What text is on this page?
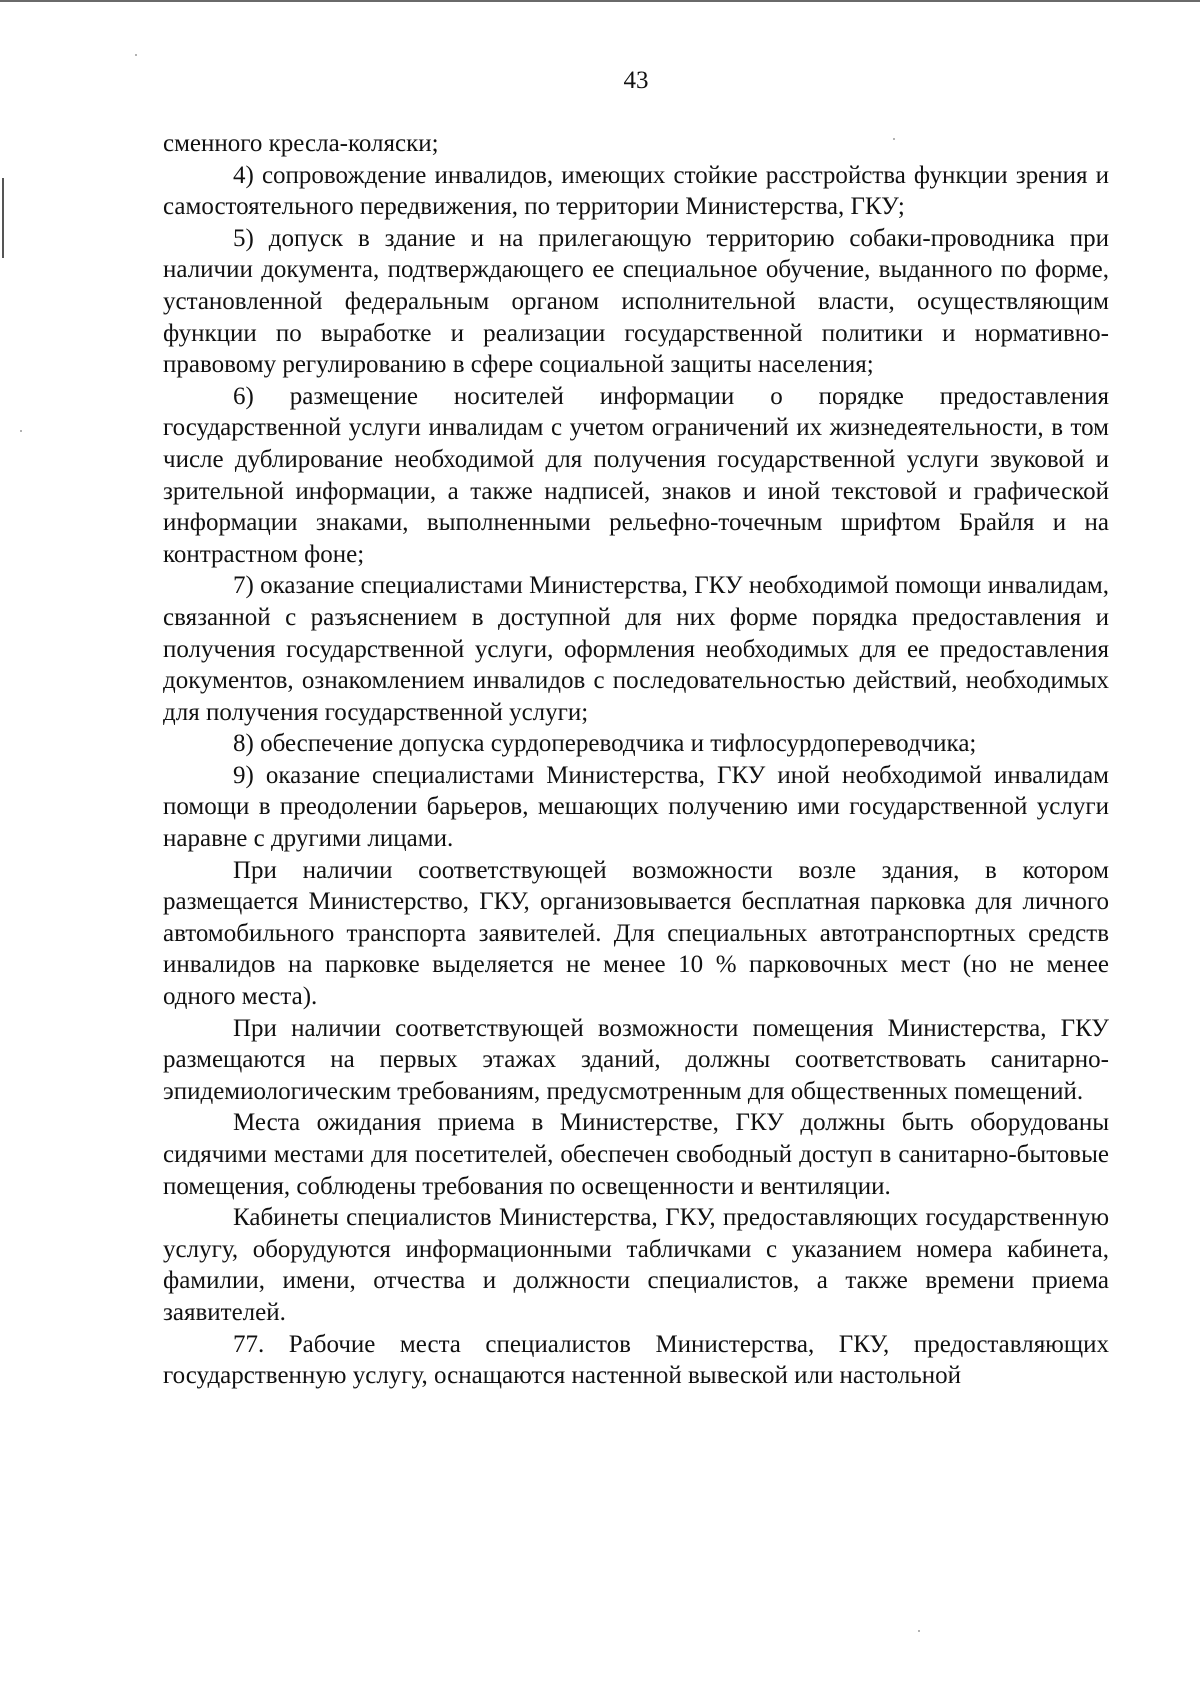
43

сменного кресла-коляски;

4) сопровождение инвалидов, имеющих стойкие расстройства функции зрения и самостоятельного передвижения, по территории Министерства, ГКУ;

5) допуск в здание и на прилегающую территорию собаки-проводника при наличии документа, подтверждающего ее специальное обучение, выданного по форме, установленной федеральным органом исполнительной власти, осуществляющим функции по выработке и реализации государственной политики и нормативно-правовому регулированию в сфере социальной защиты населения;

6) размещение носителей информации о порядке предоставления государственной услуги инвалидам с учетом ограничений их жизнедеятельности, в том числе дублирование необходимой для получения государственной услуги звуковой и зрительной информации, а также надписей, знаков и иной текстовой и графической информации знаками, выполненными рельефно-точечным шрифтом Брайля и на контрастном фоне;

7) оказание специалистами Министерства, ГКУ необходимой помощи инвалидам, связанной с разъяснением в доступной для них форме порядка предоставления и получения государственной услуги, оформления необходимых для ее предоставления документов, ознакомлением инвалидов с последовательностью действий, необходимых для получения государственной услуги;

8) обеспечение допуска сурдопереводчика и тифлосурдопереводчика;

9) оказание специалистами Министерства, ГКУ иной необходимой инвалидам помощи в преодолении барьеров, мешающих получению ими государственной услуги наравне с другими лицами.

При наличии соответствующей возможности возле здания, в котором размещается Министерство, ГКУ, организовывается бесплатная парковка для личного автомобильного транспорта заявителей. Для специальных автотранспортных средств инвалидов на парковке выделяется не менее 10 % парковочных мест (но не менее одного места).

При наличии соответствующей возможности помещения Министерства, ГКУ размещаются на первых этажах зданий, должны соответствовать санитарно-эпидемиологическим требованиям, предусмотренным для общественных помещений.

Места ожидания приема в Министерстве, ГКУ должны быть оборудованы сидячими местами для посетителей, обеспечен свободный доступ в санитарно-бытовые помещения, соблюдены требования по освещенности и вентиляции.

Кабинеты специалистов Министерства, ГКУ, предоставляющих государственную услугу, оборудуются информационными табличками с указанием номера кабинета, фамилии, имени, отчества и должности специалистов, а также времени приема заявителей.

77. Рабочие места специалистов Министерства, ГКУ, предоставляющих государственную услугу, оснащаются настенной вывеской или настольной
